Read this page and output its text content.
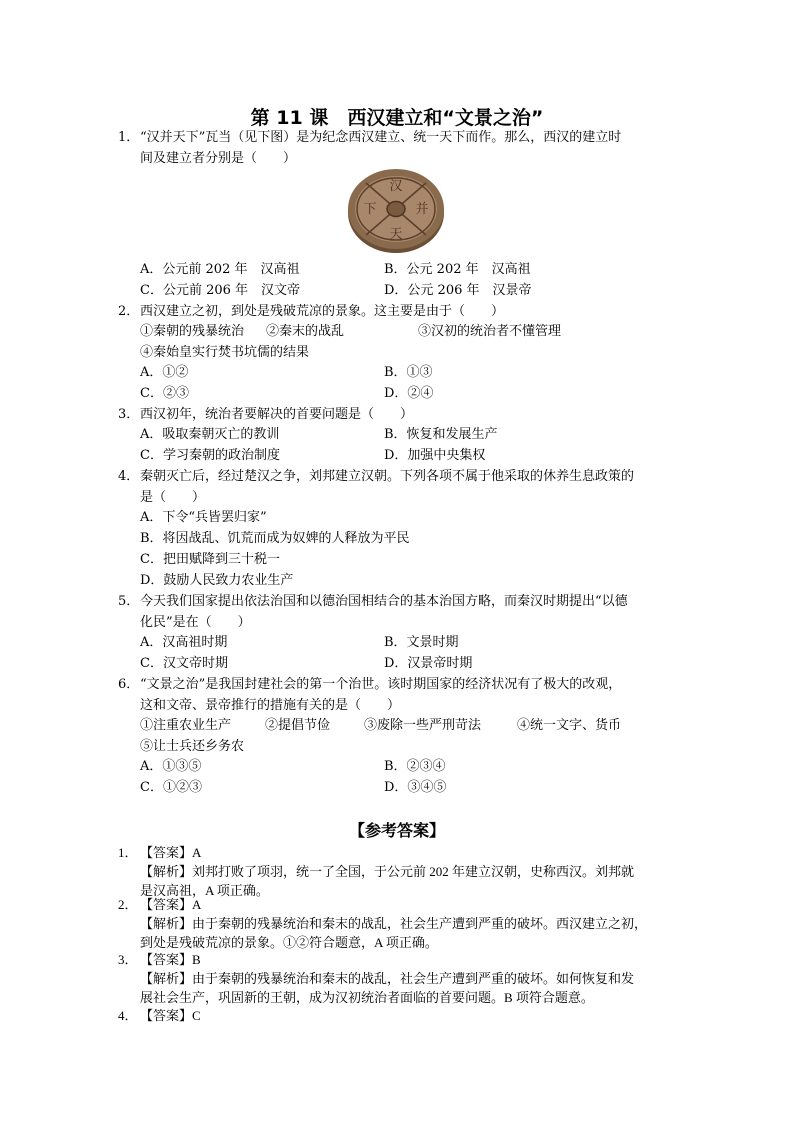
第 11 课　西汉建立和“文景之治”
1． “汉并天下”瓦当（见下图）是为纪念西汉建立、统一天下而作。那么，西汉的建立时
间及建立者分别是（　　）
汉
并
天
下
A．公元前 202 年　汉高祖	B．公元 202 年　汉高祖
C．公元前 206 年　汉文帝	D．公元 206 年　汉景帝
2． 西汉建立之初，到处是残破荒凉的景象。这主要是由于（　　）
①秦朝的残暴统治 ②秦末的战乱	③汉初的统治者不懂管理
④秦始皇实行焚书坑儒的结果
A．①②	B．①③
C．②③	D．②④
3． 西汉初年，统治者要解决的首要问题是（　　）
A．吸取秦朝灭亡的教训	B．恢复和发展生产
C．学习秦朝的政治制度	D．加强中央集权
4． 秦朝灭亡后，经过楚汉之争，刘邦建立汉朝。下列各项不属于他采取的休养生息政策的
是（　　）
A．下令“兵皆罢归家”
B．将因战乱、饥荒而成为奴婢的人释放为平民
C．把田赋降到三十税一
D．鼓励人民致力农业生产
5． 今天我们国家提出依法治国和以德治国相结合的基本治国方略，而秦汉时期提出“以德
化民”是在（　　）
A．汉高祖时期	B．文景时期
C．汉文帝时期	D．汉景帝时期
6． “文景之治”是我国封建社会的第一个治世。该时期国家的经济状况有了极大的改观，
这和文帝、景帝推行的措施有关的是（　　）
①注重农业生产	②提倡节俭	③废除一些严刑苛法	④统一文字、货币
⑤让士兵还乡务农
A．①③⑤	B．②③④
C．①②③	D．③④⑤
【参考答案】
1． 【答案】A
【解析】刘邦打败了项羽，统一了全国，于公元前 202 年建立汉朝，史称西汉。刘邦就
是汉高祖，A 项正确。
2． 【答案】A
【解析】由于秦朝的残暴统治和秦末的战乱，社会生产遭到严重的破坏。西汉建立之初，
到处是残破荒凉的景象。①②符合题意，A 项正确。
3． 【答案】B
【解析】由于秦朝的残暴统治和秦末的战乱，社会生产遭到严重的破坏。如何恢复和发
展社会生产，巩固新的王朝，成为汉初统治者面临的首要问题。B 项符合题意。
4． 【答案】C
